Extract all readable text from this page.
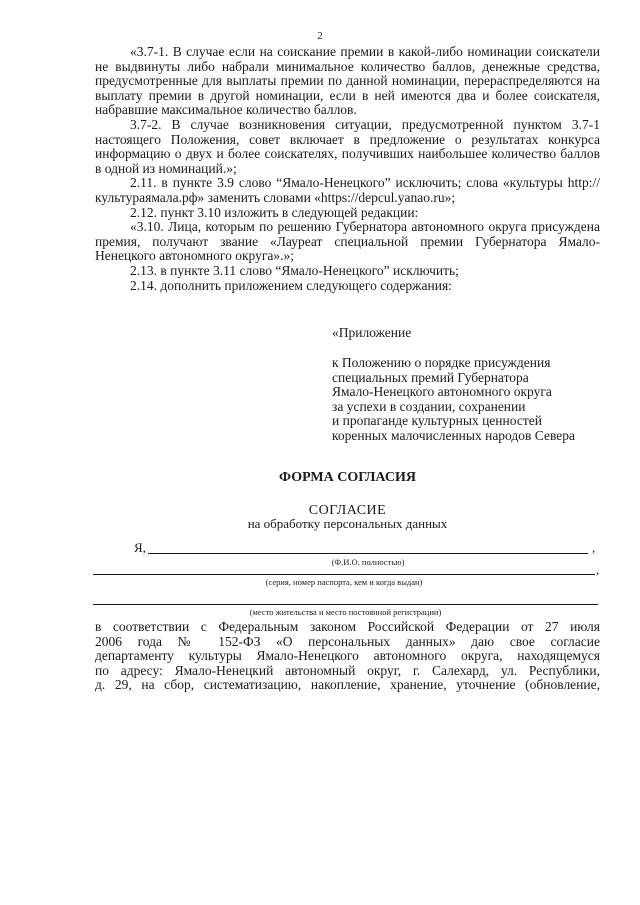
2

«3.7-1. В случае если на соискание премии в какой-либо номинации соискатели не выдвинуты либо набрали минимальное количество баллов, денежные средства, предусмотренные для выплаты премии по данной номинации, перераспределяются на выплату премии в другой номинации, если в ней имеются два и более соискателя, набравшие максимальное количество баллов.

3.7-2. В случае возникновения ситуации, предусмотренной пунктом 3.7-1 настоящего Положения, совет включает в предложение о результатах конкурса информацию о двух и более соискателях, получивших наибольшее количество баллов в одной из номинаций.»;

2.11. в пункте 3.9 слово “Ямало-Ненецкого” исключить; слова «культуры http://культураямала.рф» заменить словами «https://depcul.yanao.ru»;

2.12. пункт 3.10 изложить в следующей редакции:

«3.10. Лица, которым по решению Губернатора автономного округа присуждена премия, получают звание «Лауреат специальной премии Губернатора Ямало-Ненецкого автономного округа».»;

2.13. в пункте 3.11 слово “Ямало-Ненецкого” исключить;

2.14. дополнить приложением следующего содержания:

«Приложение
к Положению о порядке присуждения
специальных премий Губернатора
Ямало-Ненецкого автономного округа
за успехи в создании, сохранении
и пропаганде культурных ценностей
коренных малочисленных народов Севера
ФОРМА СОГЛАСИЯ
СОГЛАСИЕ
на обработку персональных данных
Я,	,
(Ф.И.О. полностью)	,
(серия, номер паспорта, кем и когда выдан)
(место жительства и место постоянной регистрации)

в соответствии с Федеральным законом Российской Федерации от 27 июля

2006 года № 152-ФЗ «О персональных данных» даю свое согласие

департаменту культуры Ямало-Ненецкого автономного округа, находящемуся

по адресу: Ямало-Ненецкий автономный округ, г. Салехард, ул. Республики,

д. 29, на сбор, систематизацию, накопление, хранение, уточнение (обновление,
